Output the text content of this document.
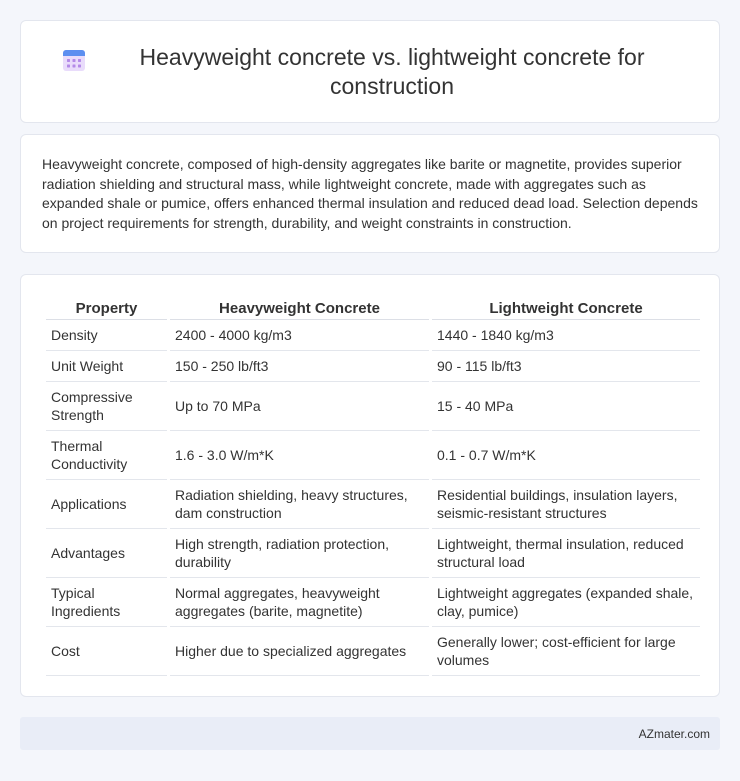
Heavyweight concrete vs. lightweight concrete for construction

Heavyweight concrete, composed of high-density aggregates like barite or magnetite, provides superior radiation shielding and structural mass, while lightweight concrete, made with aggregates such as expanded shale or pumice, offers enhanced thermal insulation and reduced dead load. Selection depends on project requirements for strength, durability, and weight constraints in construction.

Property	Heavyweight Concrete	Lightweight Concrete
Density	2400 - 4000 kg/m3	1440 - 1840 kg/m3
Unit Weight	150 - 250 lb/ft3	90 - 115 lb/ft3
Compressive Strength	Up to 70 MPa	15 - 40 MPa
Thermal Conductivity	1.6 - 3.0 W/m*K	0.1 - 0.7 W/m*K
Applications	Radiation shielding, heavy structures, dam construction	Residential buildings, insulation layers, seismic-resistant structures
Advantages	High strength, radiation protection, durability	Lightweight, thermal insulation, reduced structural load
Typical Ingredients	Normal aggregates, heavyweight aggregates (barite, magnetite)	Lightweight aggregates (expanded shale, clay, pumice)
Cost	Higher due to specialized aggregates	Generally lower; cost-efficient for large volumes
AZmater.com
